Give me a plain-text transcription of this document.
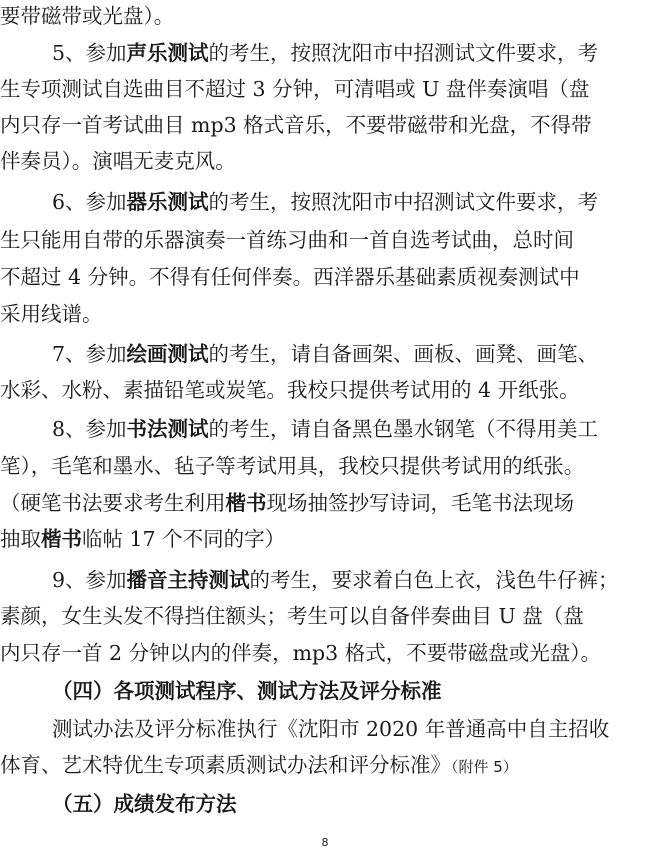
要带磁带或光盘）。
5、参加声乐测试的考生，按照沈阳市中招测试文件要求，考
生专项测试自选曲目不超过 3 分钟，可清唱或 U 盘伴奏演唱（盘
内只存一首考试曲目 mp3 格式音乐，不要带磁带和光盘，不得带
伴奏员）。演唱无麦克风。
6、参加器乐测试的考生，按照沈阳市中招测试文件要求，考
生只能用自带的乐器演奏一首练习曲和一首自选考试曲，总时间
不超过 4 分钟。不得有任何伴奏。西洋器乐基础素质视奏测试中
采用线谱。
7、参加绘画测试的考生，请自备画架、画板、画凳、画笔、
水彩、水粉、素描铅笔或炭笔。我校只提供考试用的 4 开纸张。
8、参加书法测试的考生，请自备黑色墨水钢笔（不得用美工
笔），毛笔和墨水、毡子等考试用具，我校只提供考试用的纸张。
（硬笔书法要求考生利用楷书现场抽签抄写诗词，毛笔书法现场
抽取楷书临帖 17 个不同的字）
9、参加播音主持测试的考生，要求着白色上衣，浅色牛仔裤；
素颜，女生头发不得挡住额头；考生可以自备伴奏曲目 U 盘（盘
内只存一首 2 分钟以内的伴奏，mp3 格式，不要带磁盘或光盘）。
（四）各项测试程序、测试方法及评分标准
测试办法及评分标准执行《沈阳市 2020 年普通高中自主招收
体育、艺术特优生专项素质测试办法和评分标准》（附件 5）
（五）成绩发布方法
8
